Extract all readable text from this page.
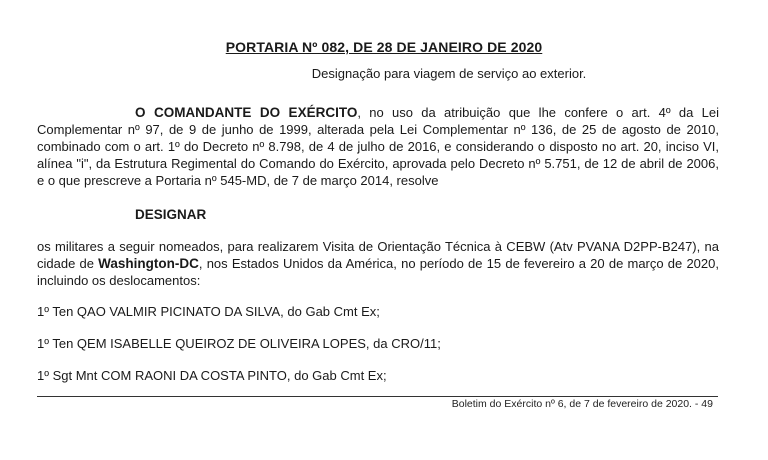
PORTARIA Nº 082, DE 28 DE JANEIRO DE 2020
Designação para viagem de serviço ao exterior.
O COMANDANTE DO EXÉRCITO, no uso da atribuição que lhe confere o art. 4º da Lei Complementar nº 97, de 9 de junho de 1999, alterada pela Lei Complementar nº 136, de 25 de agosto de 2010, combinado com o art. 1º do Decreto nº 8.798, de 4 de julho de 2016, e considerando o disposto no art. 20, inciso VI, alínea "i", da Estrutura Regimental do Comando do Exército, aprovada pelo Decreto nº 5.751, de 12 de abril de 2006, e o que prescreve a Portaria nº 545-MD, de 7 de março 2014, resolve
DESIGNAR
os militares a seguir nomeados, para realizarem Visita de Orientação Técnica à CEBW (Atv PVANA D2PP-B247), na cidade de Washington-DC, nos Estados Unidos da América, no período de 15 de fevereiro a 20 de março de 2020, incluindo os deslocamentos:
1º Ten QAO VALMIR PICINATO DA SILVA, do Gab Cmt Ex;
1º Ten QEM ISABELLE QUEIROZ DE OLIVEIRA LOPES, da CRO/11;
1º Sgt Mnt COM RAONI DA COSTA PINTO, do Gab Cmt Ex;
Boletim do Exército nº 6, de 7 de fevereiro de 2020. - 49
